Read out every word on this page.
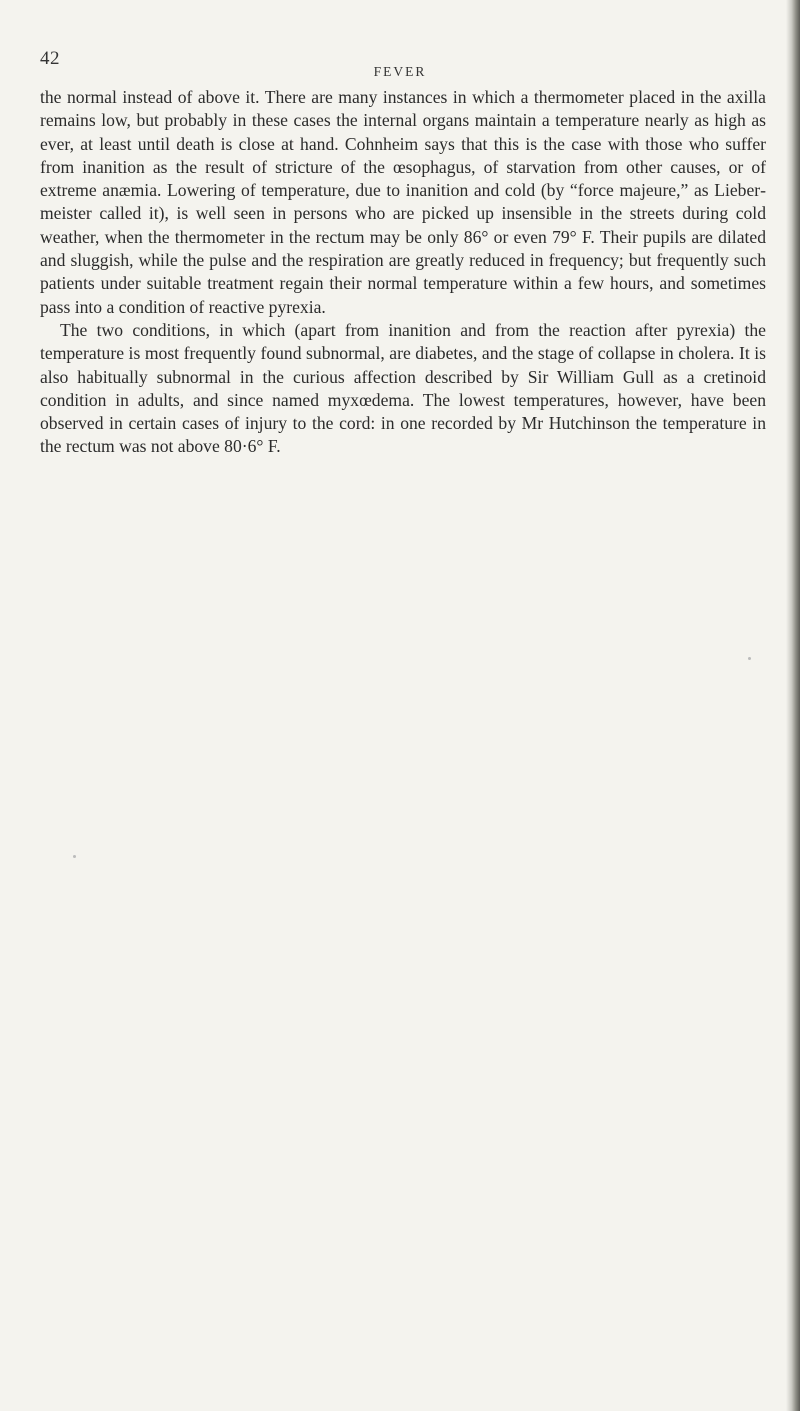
42
FEVER

the normal instead of above it. There are many instances in which a thermometer placed in the axilla remains low, but probably in these cases the internal organs maintain a temperature nearly as high as ever, at least until death is close at hand. Cohnheim says that this is the case with those who suffer from inanition as the result of stricture of the œsophagus, of starvation from other causes, or of extreme anæmia. Lowering of temperature, due to inanition and cold (by “force majeure,” as Liebermeister called it), is well seen in persons who are picked up insensible in the streets during cold weather, when the thermometer in the rectum may be only 86° or even 79° F. Their pupils are dilated and sluggish, while the pulse and the respiration are greatly reduced in frequency; but frequently such patients under suitable treatment regain their normal temperature within a few hours, and sometimes pass into a condition of reactive pyrexia.

The two conditions, in which (apart from inanition and from the reaction after pyrexia) the temperature is most frequently found subnormal, are diabetes, and the stage of collapse in cholera. It is also habitually subnormal in the curious affection described by Sir William Gull as a cretinoid condition in adults, and since named myxœdema. The lowest temperatures, however, have been observed in certain cases of injury to the cord: in one recorded by Mr Hutchinson the temperature in the rectum was not above 80·6° F.
